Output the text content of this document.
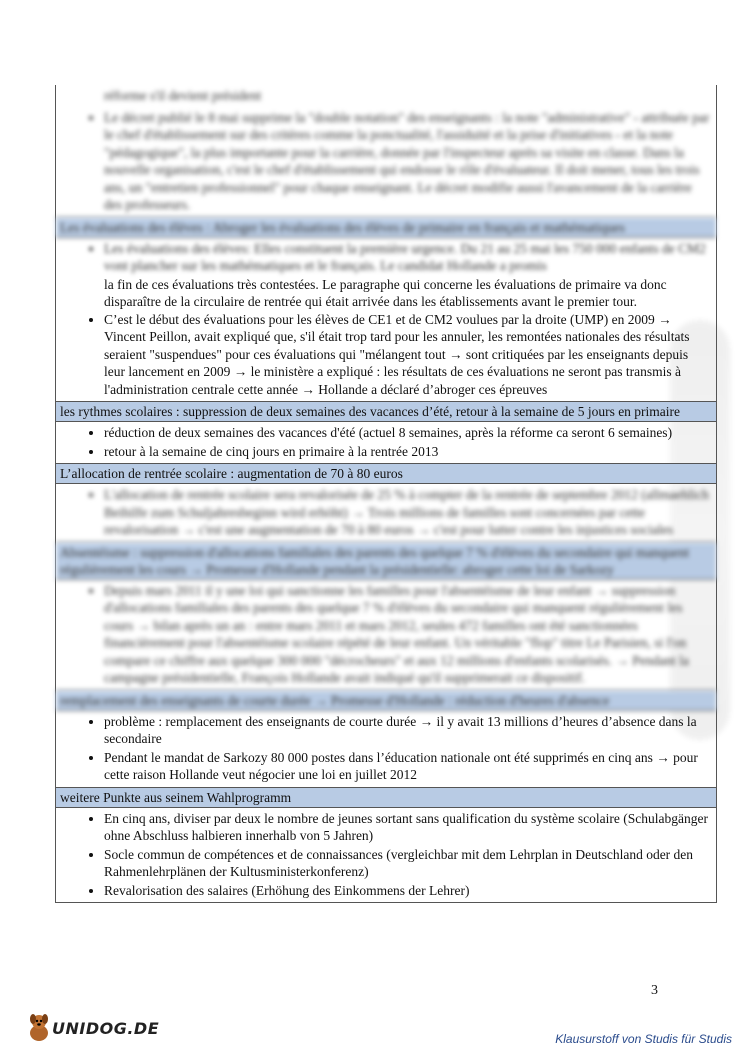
réforme s'il devient président
• Le décret publié le 8 mai supprime la "double notation" des enseignants : la note "administrative" - attribuée par le chef d'établissement sur des critères comme la ponctualité, l'assiduité et la prise d'initiatives - et la note "pédagogique", la plus importante pour la carrière, donnée par l'inspecteur après sa visite en classe. Dans la nouvelle organisation, c'est le chef d'établissement qui endosse le rôle d'évaluateur. Il doit mener, tous les trois ans, un "entretien professionnel" pour chaque enseignant. Le décret modifie aussi l'avancement de la carrière des professeurs.
Les évaluations des élèves : Abroger les évaluations des élèves de primaire en français et mathématiques
• Les évaluations des élèves: Elles constituent la première urgence. Du 21 au 25 mai les 750 000 enfants de CM2 vont plancher sur les mathématiques et le français. Le candidat Hollande a promis
la fin de ces évaluations très contestées. Le paragraphe qui concerne les évaluations de primaire va donc disparaître de la circulaire de rentrée qui était arrivée dans les établissements avant le premier tour.
• C’est le début des évaluations pour les élèves de CE1 et de CM2 voulues par la droite (UMP) en 2009 → Vincent Peillon, avait expliqué que, s'il était trop tard pour les annuler, les remontées nationales des résultats seraient "suspendues" pour ces évaluations qui "mélangent tout → sont critiquées par les enseignants depuis leur lancement en 2009 → le ministère a expliqué : les résultats de ces évaluations ne seront pas transmis à l'administration centrale cette année → Hollande a déclaré d’abroger ces épreuves
les rythmes scolaires : suppression de deux semaines des vacances d’été, retour à la semaine de 5 jours en primaire
• réduction de deux semaines des vacances d'été (actuel 8 semaines, après la réforme ca seront 6 semaines)
• retour à la semaine de cinq jours en primaire à la rentrée 2013
L’allocation de rentrée scolaire : augmentation de 70 à 80 euros
• L'allocation de rentrée scolaire sera revalorisée de 25 % à compter de la rentrée de septembre 2012 (allmaehlich Beihilfe zum Schuljahresbeginn wird erhöht) → Trois millions de familles sont concernées par cette revalorisation → c'est une augmentation de 70 à 80 euros → c'est pour lutter contre les injustices sociales
Absentéisme : suppression d'allocations familiales des parents des quelque 7 % d'élèves du secondaire qui manquent régulièrement les cours → Promesse d'Hollande pendant la présidentielle: abroger cette loi de Sarkozy
• Depuis mars 2011 il y une loi qui sanctionne les familles pour l'absentéisme de leur enfant → suppression d'allocations familiales des parents des quelque 7 % d'élèves du secondaire qui manquent régulièrement les cours → bilan après un an : entre mars 2011 et mars 2012, seules 472 familles ont été sanctionnées financièrement pour l'absentéisme scolaire répété de leur enfant. Un véritable "flop" titre Le Parisien, si l'on compare ce chiffre aux quelque 300 000 "décrocheurs" et aux 12 millions d'enfants scolarisés. → Pendant la campagne présidentielle, François Hollande avait indiqué qu'il supprimerait ce dispositif.
remplacement des enseignants de courte durée → Promesse d'Hollande : réduction d'heures d'absence
• problème : remplacement des enseignants de courte durée → il y avait 13 millions d’heures d’absence dans la secondaire
• Pendant le mandat de Sarkozy 80 000 postes dans l’éducation nationale ont été supprimés en cinq ans → pour cette raison Hollande veut négocier une loi en juillet 2012
weitere Punkte aus seinem Wahlprogramm
• En cinq ans, diviser par deux le nombre de jeunes sortant sans qualification du système scolaire (Schulabgänger ohne Abschluss halbieren innerhalb von 5 Jahren)
• Socle commun de compétences et de connaissances (vergleichbar mit dem Lehrplan in Deutschland oder den Rahmenlehrplänen der Kultusministerkonferenz)
• Revalorisation des salaires (Erhöhung des Einkommens der Lehrer)
3
UNIDOG.DE
Klausurstoff von Studis für Studis
